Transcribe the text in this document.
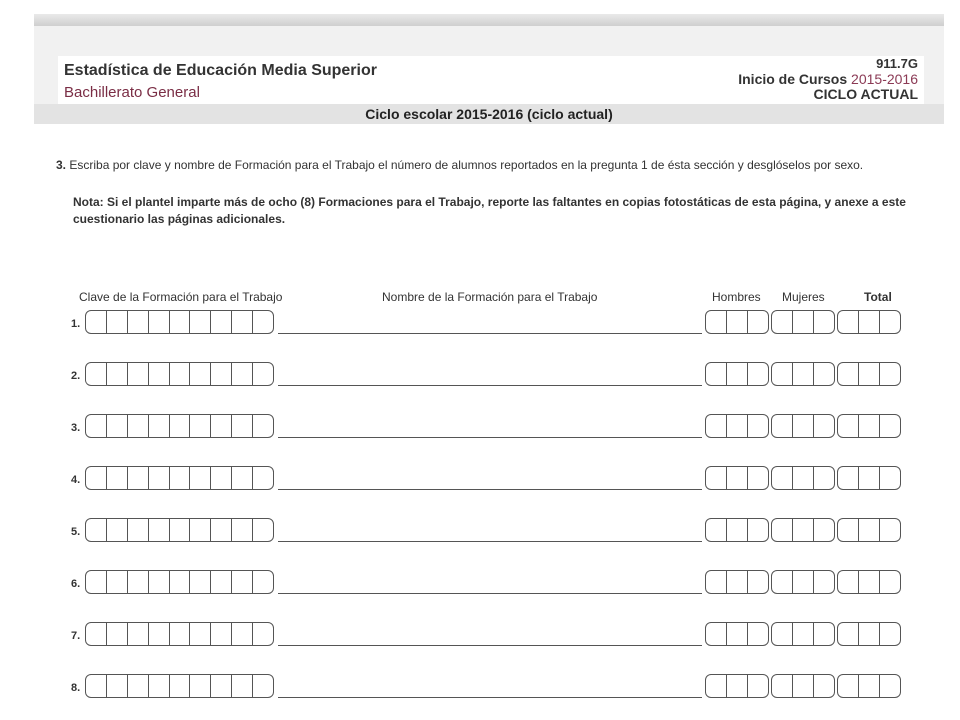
Estadística de Educación Media Superior
Bachillerato General
911.7G
Inicio de Cursos 2015-2016
CICLO ACTUAL
Ciclo escolar 2015-2016 (ciclo actual)
3. Escriba por clave y nombre de Formación para el Trabajo el número de alumnos reportados en la pregunta 1 de ésta sección y desglóselos por sexo.
Nota: Si el plantel imparte más de ocho (8) Formaciones para el Trabajo, reporte las faltantes en copias fotostáticas de esta página, y anexe a este cuestionario las páginas adicionales.
Clave de la Formación para el Trabajo	Nombre de la Formación para el Trabajo	Hombres Mujeres	Total
1.
2.
3.
4.
5.
6.
7.
8.
